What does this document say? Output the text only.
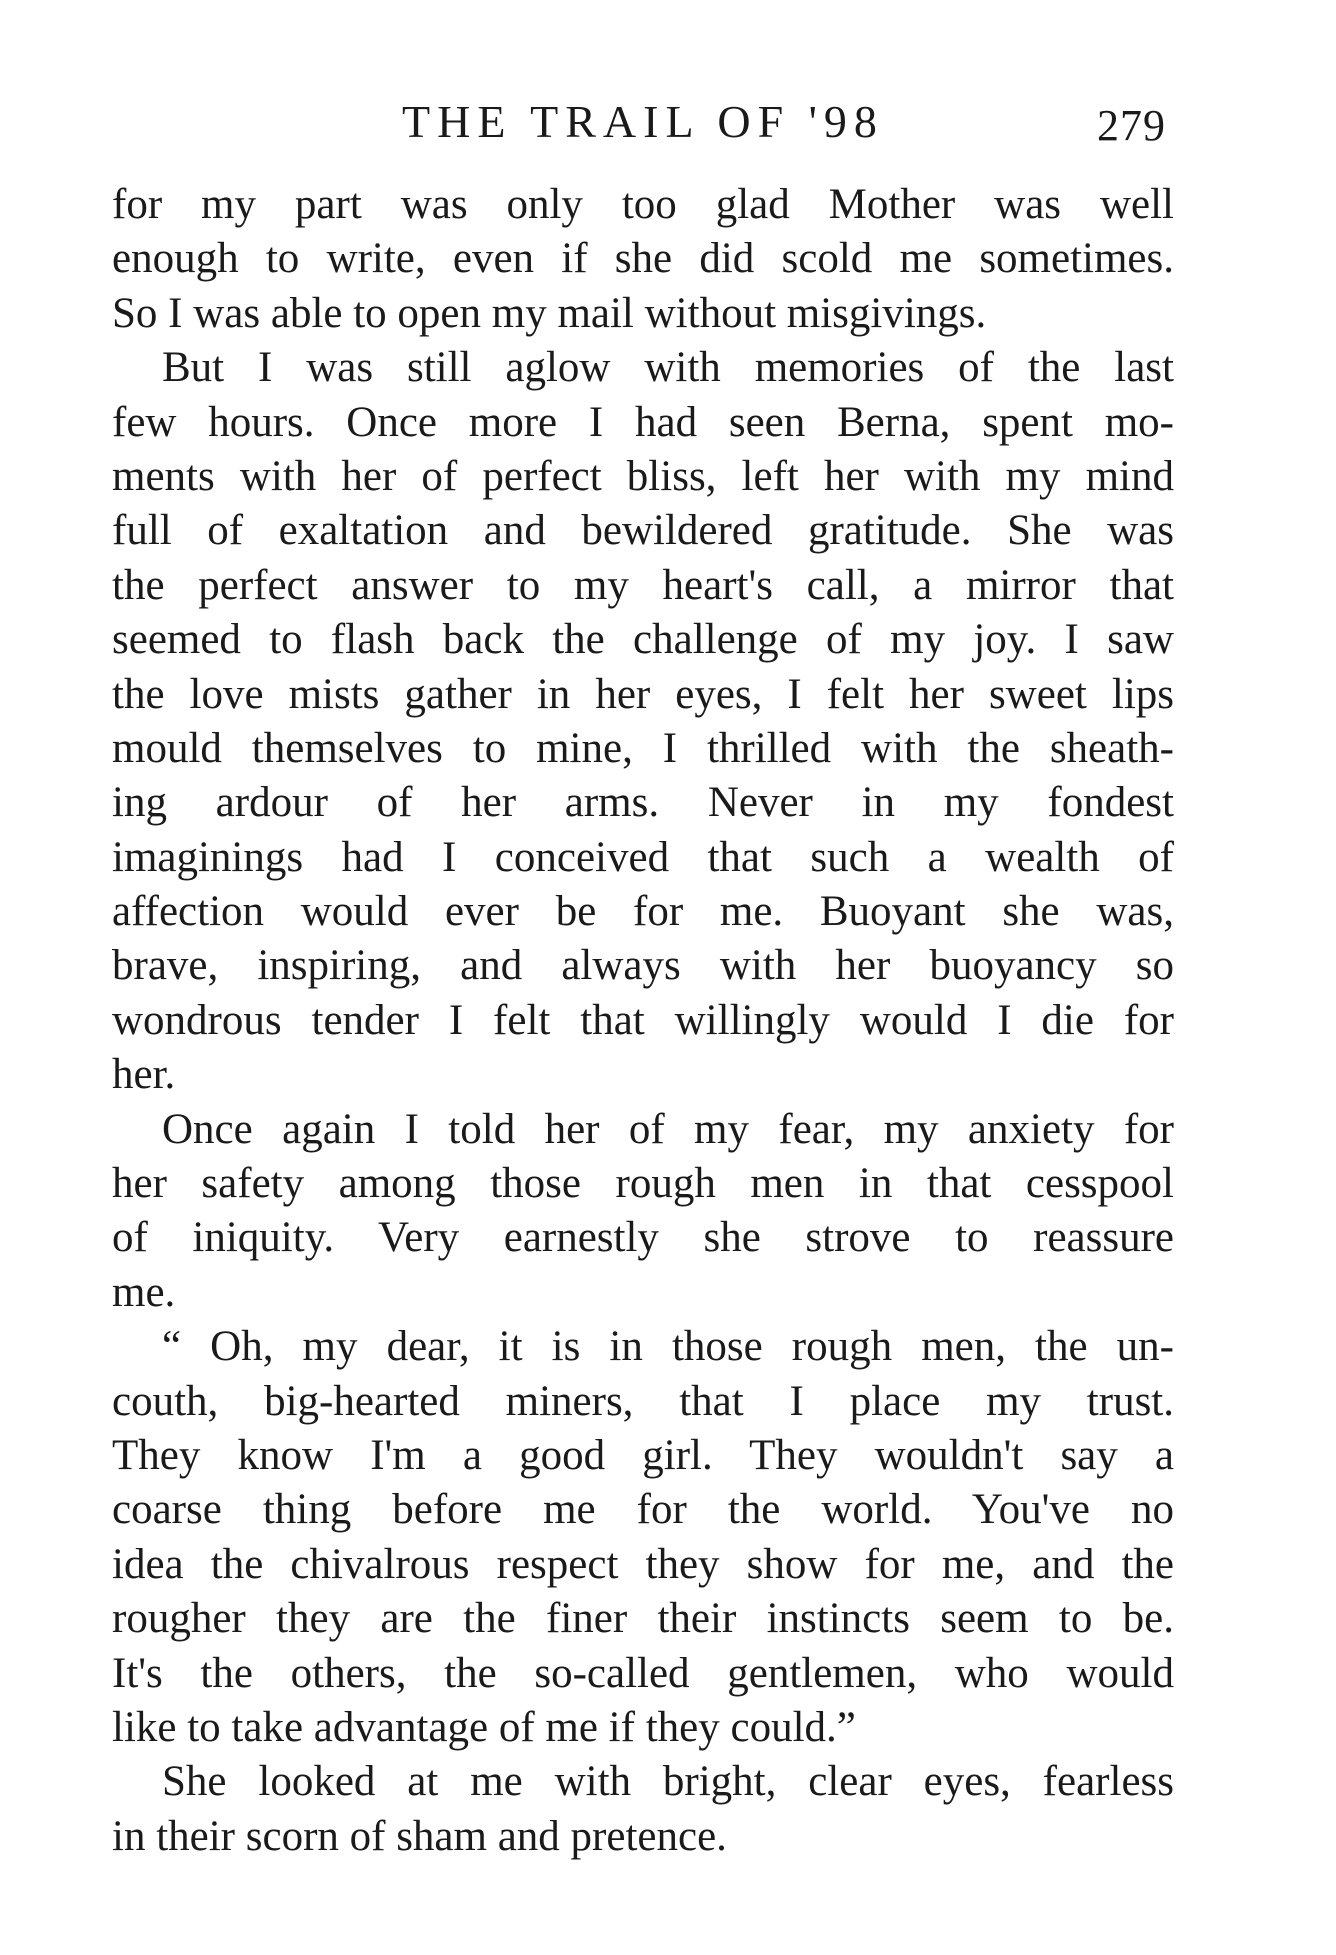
THE TRAIL OF '98	279
for my part was only too glad Mother was well
enough to write, even if she did scold me sometimes.
So I was able to open my mail without misgivings.
But I was still aglow with memories of the last
few hours. Once more I had seen Berna, spent mo-
ments with her of perfect bliss, left her with my mind
full of exaltation and bewildered gratitude. She was
the perfect answer to my heart's call, a mirror that
seemed to flash back the challenge of my joy. I saw
the love mists gather in her eyes, I felt her sweet lips
mould themselves to mine, I thrilled with the sheath-
ing ardour of her arms. Never in my fondest
imaginings had I conceived that such a wealth of
affection would ever be for me. Buoyant she was,
brave, inspiring, and always with her buoyancy so
wondrous tender I felt that willingly would I die for
her.
Once again I told her of my fear, my anxiety for
her safety among those rough men in that cesspool
of iniquity. Very earnestly she strove to reassure
me.
“ Oh, my dear, it is in those rough men, the un-
couth, big-hearted miners, that I place my trust.
They know I'm a good girl. They wouldn't say a
coarse thing before me for the world. You've no
idea the chivalrous respect they show for me, and the
rougher they are the finer their instincts seem to be.
It's the others, the so-called gentlemen, who would
like to take advantage of me if they could.”
She looked at me with bright, clear eyes, fearless
in their scorn of sham and pretence.
